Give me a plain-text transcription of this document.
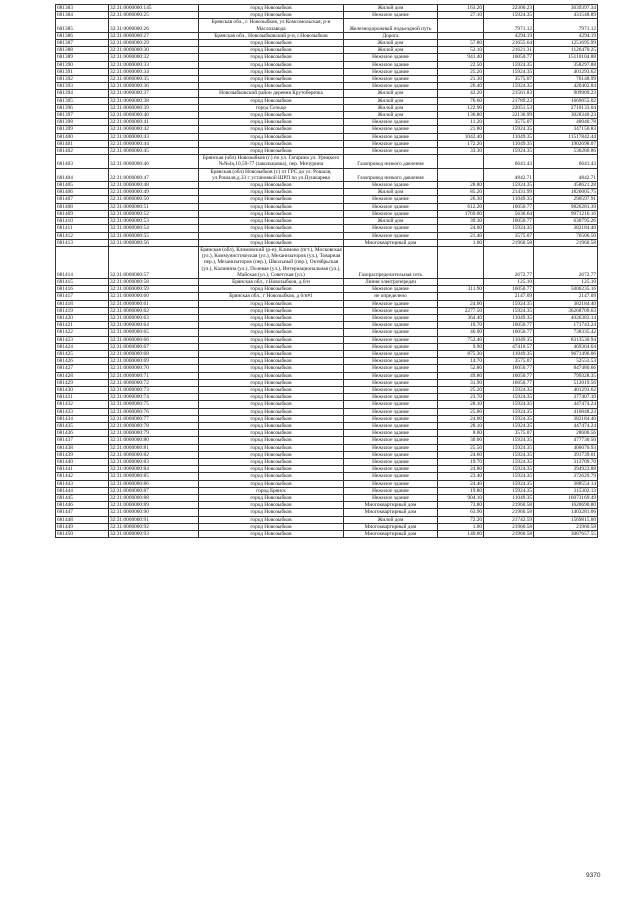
681383	32:31:0000000:145	город Новозыбков	Жилой дом	163.20	22300.23	3639397.34
681384	32:31:0000000:25	город Новозыбков	Нежилое здание	27.10	15924.35	431548.89
681385	32:31:0000000:26	Брянская обл., г. Новозыбков, ул Комсомольская, р-н Маслозавода	Железнодорожный подъездной путь		7971.12	7971.12
681386	32:31:0000000:27	Брянская обл., Новозыбковский р-н, г.Новозыбков	Дорога		4294.19	4294.19
681387	32:31:0000000:29	город Новозыбков	Жилой дом	57.80	21655.64	1251695.99
681388	32:31:0000000:30	город Новозыбков	Жилой дом	52.10	21621.31	1126470.25
681389	32:31:0000000:32	город Новозыбков	Нежилое здание	941.40	16050.77	15110104.88
681390	32:31:0000000:33	город Новозыбков	Нежилое здание	22.50	15924.35	358297.88
681391	32:31:0000000:34	город Новозыбков	Нежилое здание	25.20	15924.35	401293.62
681392	32:31:0000000:35	город Новозыбков	Нежилое здание	21.30	3575.07	76148.99
681393	32:31:0000000:36	город Новозыбков	Нежилое здание	26.40	15924.35	420402.84
681394	32:31:0000000:37	Новозыбковский район деревня Крутоберезка	Жилой дом	42.20	21561.83	909909.23
681395	32:31:0000000:38	город Новозыбков	Жилой дом	76.60	21789.23	1669055.02
681396	32:31:0000000:39	город Сельцо	Жилой дом	122.90	22051.53	2710133.04
681397	32:31:0000000:40	город Новозыбков	Жилой дом	136.80	22136.99	3028340.23
681398	32:31:0000000:41	город Новозыбков	Нежилое здание	11.20	3575.07	40040.78
681399	32:31:0000000:42	город Новозыбков	Нежилое здание	21.80	15924.35	347150.83
681400	32:31:0000000:43	город Новозыбков	Нежилое здание	1042.40	11049.35	11517842.44
681401	32:31:0000000:44	город Новозыбков	Нежилое здание	172.20	11049.35	1902698.07
681402	32:31:0000000:45	город Новозыбков	Нежилое здание	33.30	15924.35	530280.86
681403	32:31:0000000:46	Брянская (обл) Новозыбков (г.) по ул. Гагарина ул. Урицкого №№4а,10,59-77 (закольцовка), пер. Мичурина	Газопровод низкого давления		6641.43	6641.43
681404	32:31:0000000:47	Брянская (обл) Новозыбков (г.) от ГРС до ул. Рошаля, ул.Рошаля,д.33 с установкой ШРП по ул.Пушкарева	Газопровод низкого давления		4842.71	4842.71
681405	32:31:0000000:48	город Новозыбков	Нежилое здание	28.80	15924.35	458621.28
681406	32:31:0000000:49	город Новозыбков	Жилой дом	85.20	21431.99	1826005.75
681407	32:31:0000000:50	город Новозыбков	Нежилое здание	26.30	11049.35	290597.91
681408	32:31:0000000:51	город Новозыбков	Нежилое здание	612.20	16050.77	9826281.39
681409	32:31:0000000:52	город Новозыбков	Нежилое здание	1769.00	5636.64	9971216.16
681410	32:31:0000000:53	город Новозыбков	Жилой дом	39.30	16050.77	630795.26
681411	32:31:0000000:54	город Новозыбков	Нежилое здание	24.00	15924.35	382184.40
681412	32:31:0000000:55	город Новозыбков	Нежилое здание	21.40	3575.07	76506.50
681413	32:31:0000000:56	город Новозыбков	Многоквартирный дом	1.00	21960.58	21960.58
681414	32:31:0000000:57	Брянская (обл), Климовский (р-н), Климово (пгт.), Московская (ул.), Коммунистическая (ул.), Механизаторов (ул.), Товарная пер.), Механизаторов (пер.), Школьный (пер.), Октябрьская (ул.), Калинина (ул.), Полевая (ул.), Интернациональная (ул.), Майская (ул.), Советская (ул.)	Газораспределительная сеть		2672.77	2672.77
681415	32:31:0000000:58	Брянская обл., г.Новозыбков, д.6/н	Линия электропередач		125.10	125.10
681416	32:31:0000000:59	город Новозыбков	Нежилое здание	311.90	16050.77	5006235.16
681417	32:31:0000000:60	Брянская обл., г Новозыбков, д 6/н#1	не определено		2147.09	2147.09
681418	32:31:0000000:61	город Новозыбков	Нежилое здание	24.00	15924.35	382184.40
681419	32:31:0000000:62	город Новозыбков	Нежилое здание	2277.50	15924.35	36268709.63
681420	32:31:0000000:63	город Новозыбков	Нежилое здание	364.40	11049.35	4026383.14
681421	32:31:0000000:64	город Новозыбков	Нежилое здание	10.70	16050.77	171743.24
681422	32:31:0000000:65	город Новозыбков	Нежилое здание	46.00	16050.77	738335.42
681423	32:31:0000000:66	город Новозыбков	Нежилое здание	752.40	11049.35	8313530.94
681424	32:31:0000000:67	город Новозыбков	Нежилое здание	9.90	47410.57	469364.64
681425	32:31:0000000:68	город Новозыбков	Нежилое здание	875.30	11049.35	9671496.06
681426	32:31:0000000:69	город Новозыбков	Нежилое здание	14.70	3575.07	52553.53
681427	32:31:0000000:70	город Новозыбков	Нежилое здание	52.80	16050.77	847480.66
681428	32:31:0000000:71	город Новозыбков	Нежилое здание	49.80	16050.77	799328.35
681429	32:31:0000000:72	город Новозыбков	Нежилое здание	31.90	16050.77	512019.56
681430	32:31:0000000:73	город Новозыбков	Нежилое здание	25.20	15924.35	401293.62
681431	32:31:0000000:74	город Новозыбков	Нежилое здание	23.70	15924.35	377407.10
681432	32:31:0000000:75	город Новозыбков	Нежилое здание	28.10	15924.35	447474.24
681433	32:31:0000000:76	город Новозыбков	Нежилое здание	25.80	15924.35	410848.23
681434	32:31:0000000:77	город Новозыбков	Нежилое здание	24.00	15924.35	382184.40
681435	32:31:0000000:78	город Новозыбков	Нежилое здание	28.10	15924.35	447474.24
681436	32:31:0000000:79	город Новозыбков	Нежилое здание	8.00	3575.07	28600.56
681437	32:31:0000000:80	город Новозыбков	Нежилое здание	30.00	15924.35	477730.50
681438	32:31:0000000:81	город Новозыбков	Нежилое здание	25.50	15924.35	406070.93
681439	32:31:0000000:82	город Новозыбков	Нежилое здание	24.60	15924.35	391739.01
681440	32:31:0000000:83	город Новозыбков	Нежилое здание	19.70	15924.35	313709.70
681441	32:31:0000000:84	город Новозыбков	Нежилое здание	24.80	15924.35	394923.88
681442	32:31:0000000:85	город Новозыбков	Нежилое здание	23.40	15924.35	372629.79
681443	32:31:0000000:86	город Новозыбков	Нежилое здание	24.40	15924.35	388554.14
681444	32:31:0000000:87	город Брянск	Нежилое здание	19.80	15924.35	315302.13
681445	32:31:0000000:88	город Новозыбков	Нежилое здание	904.10	11049.35	16073169.49
681446	32:31:0000000:89	город Новозыбков	Многоквартирный дом	73.80	21960.58	1620690.80
681447	32:31:0000000:90	город Новозыбков	Многоквартирный дом	63.90	21960.58	1403281.06
681448	32:31:0000000:91	город Новозыбков	Жилой дом	72.20	21742.59	1569815.00
681449	32:31:0000000:92	город Новозыбков	Многоквартирный дом	1.00	21960.58	21960.58
681450	32:31:0000000:93	город Новозыбков	Многоквартирный дом	140.60	21960.58	3087657.55
9370
